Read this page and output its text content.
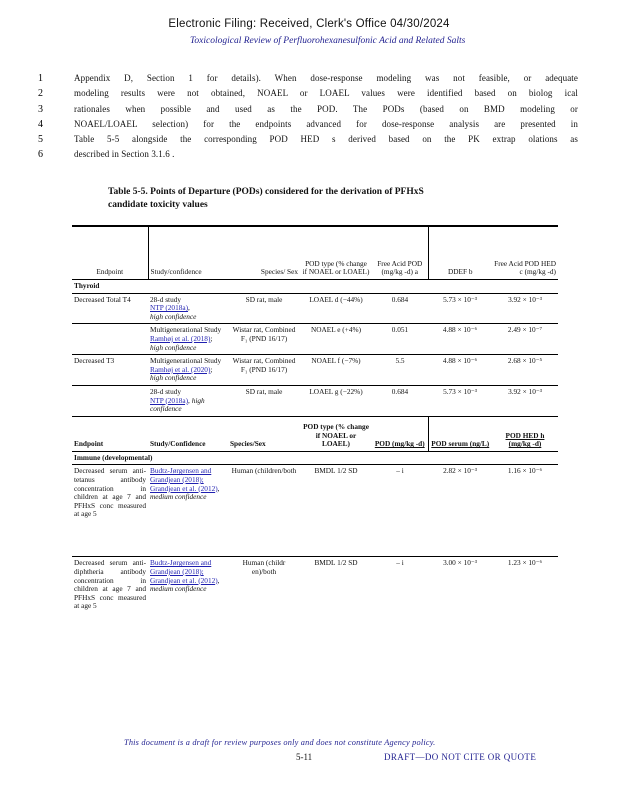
Electronic Filing: Received, Clerk's Office 04/30/2024
Toxicological Review of Perfluorohexanesulfonic Acid and Related Salts
1	Appendix D, Section 1 for details). When dose-response modeling was not feasible, or adequate
2	modeling results were not obtained, NOAEL or LOAEL values were identified based on biolog ical
3	rationales when possible and used as the POD. The PODs (based on BMD modeling or
4	NOAEL/LOAEL selection) for the endpoints advanced for dose-response analysis are presented in
5	Table 5-5 alongside the corresponding POD HED s derived based on the PK extrap olations as
6	described in Section 3.1.6 .
Table 5-5. Points of Departure (PODs) considered for the derivation of PFHxS
candidate toxicity values
Endpoint	Study/confidence	Species/ Sex	POD type (% change if NOAEL or LOAEL)	Free Acid POD (mg/kg -d) a	DDEF b	Free Acid POD HED c (mg/kg -d)
Thyroid						
Decreased Total T4	28-d study
NTP (2018a),
high confidence	SD rat, male	LOAEL d (−44%)	0.684	5.73 × 10⁻³	3.92 × 10⁻³
	Multigenerational Study
Ramhøj et al. (2018); high confidence	Wistar rat, Combined F₁ (PND 16/17)	NOAEL e (+4%)	0.051	4.88 × 10⁻⁶	2.49 × 10⁻⁷
Decreased T3	Multigenerational Study
Ramhøj et al. (2020); high confidence	Wistar rat, Combined F₁ (PND 16/17)	NOAEL f (−7%)	5.5	4.88 × 10⁻⁶	2.68 × 10⁻⁵
	28-d study
NTP (2018a), high confidence	SD rat, male	LOAEL g (−22%)	0.684	5.73 × 10⁻³	3.92 × 10⁻³
Endpoint	Study/Confidence	Species/Sex	POD type (% change if NOAEL or LOAEL)	POD (mg/kg -d)	POD serum (ng/L)	POD HED h (mg/kg -d)
Immune (developmental)						
Decreased serum anti-tetanus antibody concentration in children at age 7 and PFHxS conc measured at age 5	Budtz-Jørgensen and Grandjean (2018); Grandjean et al. (2012),
medium confidence	Human (children/both	BMDL 1/2 SD	– i	2.82 × 10⁻³	1.16 × 10⁻⁶
Decreased serum anti-diphtheria antibody concentration in children at age 7 and PFHxS conc measured at age 5	Budtz-Jørgensen and Grandjean (2018); Grandjean et al. (2012),
medium confidence	Human (childr en)/both	BMDL 1/2 SD	– i	3.00 × 10⁻³	1.23 × 10⁻⁶
This document is a draft for review purposes only and does not constitute Agency policy.
5-11	DRAFT—DO NOT CITE OR QUOTE
